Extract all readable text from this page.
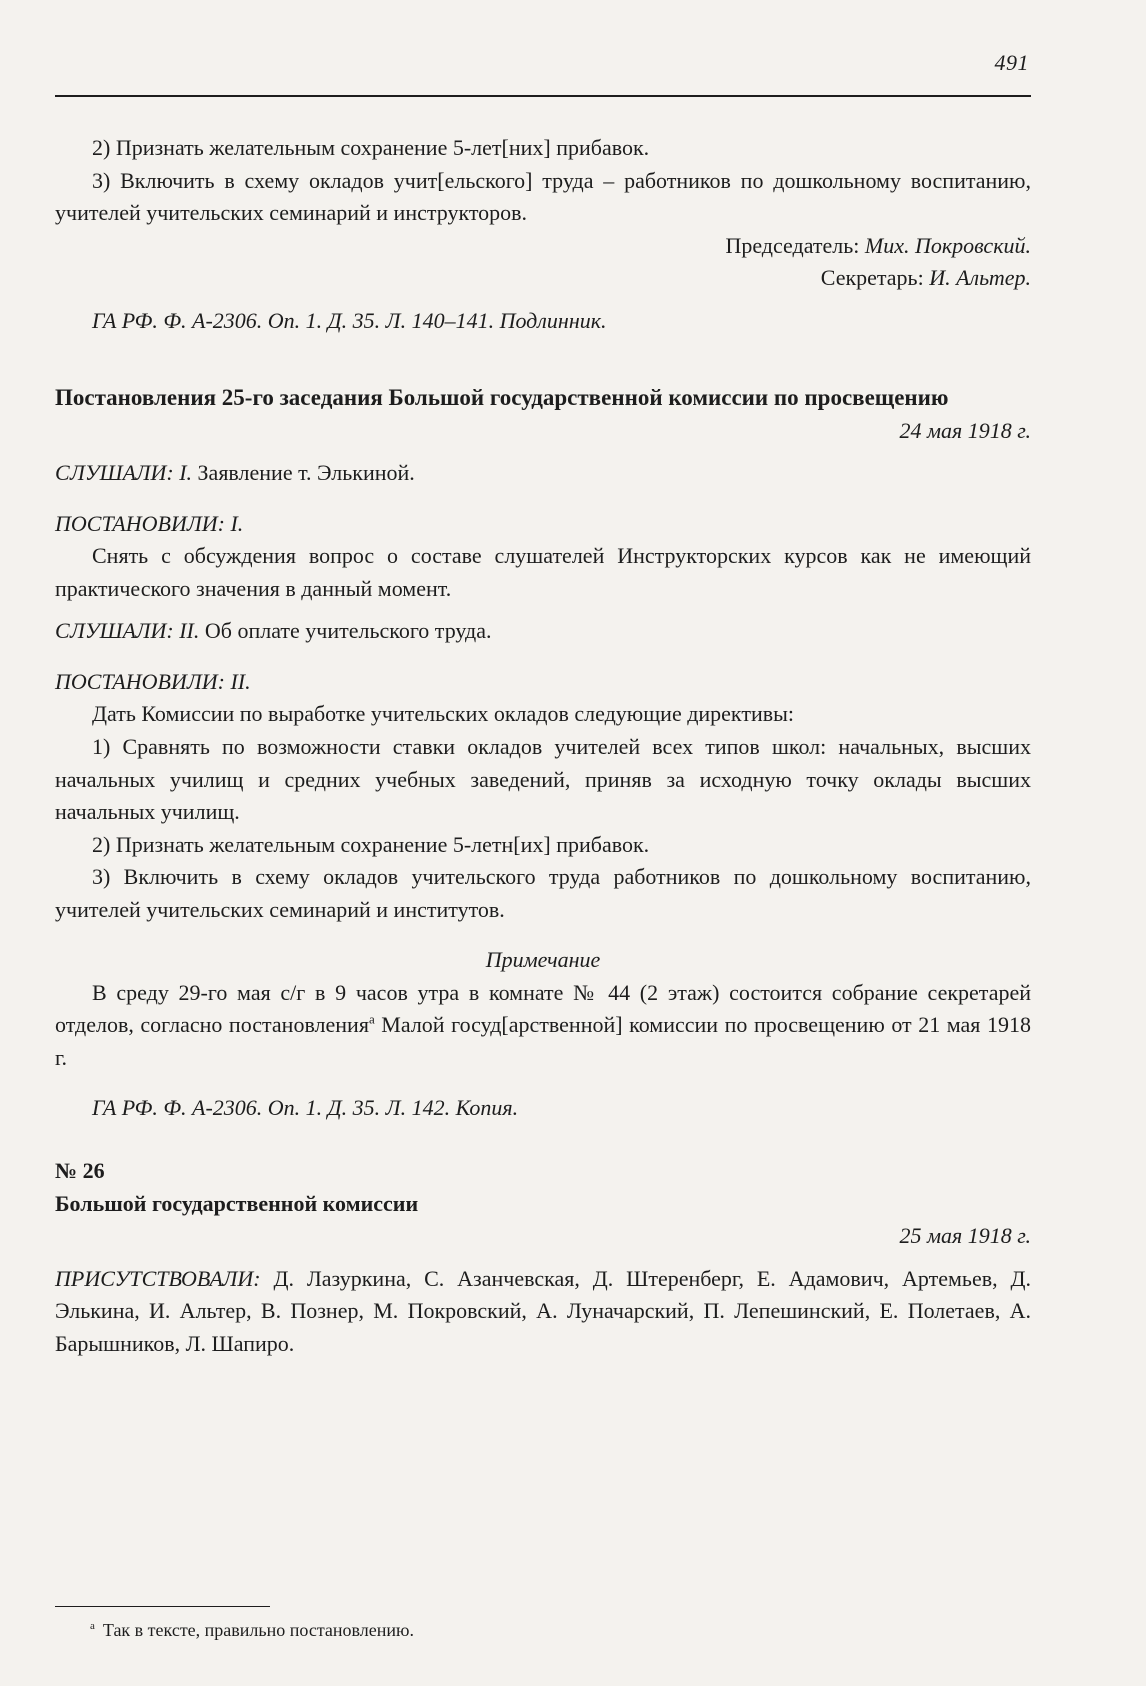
491

2) Признать желательным сохранение 5-лет[них] прибавок.

3) Включить в схему окладов учит[ельского] труда – работников по дошкольному воспитанию, учителей учительских семинарий и инструкторов.

Председатель: Мих. Покровский.

Секретарь: И. Альтер.

ГА РФ. Ф. А-2306. Оп. 1. Д. 35. Л. 140–141. Подлинник.

Постановления 25-го заседания Большой государственной комиссии по просвещению

24 мая 1918 г.

СЛУШАЛИ: I. Заявление т. Элькиной.

ПОСТАНОВИЛИ: I.

Снять с обсуждения вопрос о составе слушателей Инструкторских курсов как не имеющий практического значения в данный момент.

СЛУШАЛИ: II. Об оплате учительского труда.

ПОСТАНОВИЛИ: II.

Дать Комиссии по выработке учительских окладов следующие директивы:

1) Сравнять по возможности ставки окладов учителей всех типов школ: начальных, высших начальных училищ и средних учебных заведений, приняв за исходную точку оклады высших начальных училищ.

2) Признать желательным сохранение 5-летн[их] прибавок.

3) Включить в схему окладов учительского труда работников по дошкольному воспитанию, учителей учительских семинарий и институтов.

Примечание

В среду 29-го мая с/г в 9 часов утра в комнате № 44 (2 этаж) состоится собрание секретарей отделов, согласно постановления$^а$ Малой госуд[арственной] комиссии по просвещению от 21 мая 1918 г.

ГА РФ. Ф. А-2306. Оп. 1. Д. 35. Л. 142. Копия.

№ 26

Большой государственной комиссии

25 мая 1918 г.

ПРИСУТСТВОВАЛИ: Д. Лазуркина, С. Азанчевская, Д. Штеренберг, Е. Адамович, Артемьев, Д. Элькина, И. Альтер, В. Познер, М. Покровский, А. Луначарский, П. Лепешинский, Е. Полетаев, А. Барышников, Л. Шапиро.

$^а$ Так в тексте, правильно постановлению.
